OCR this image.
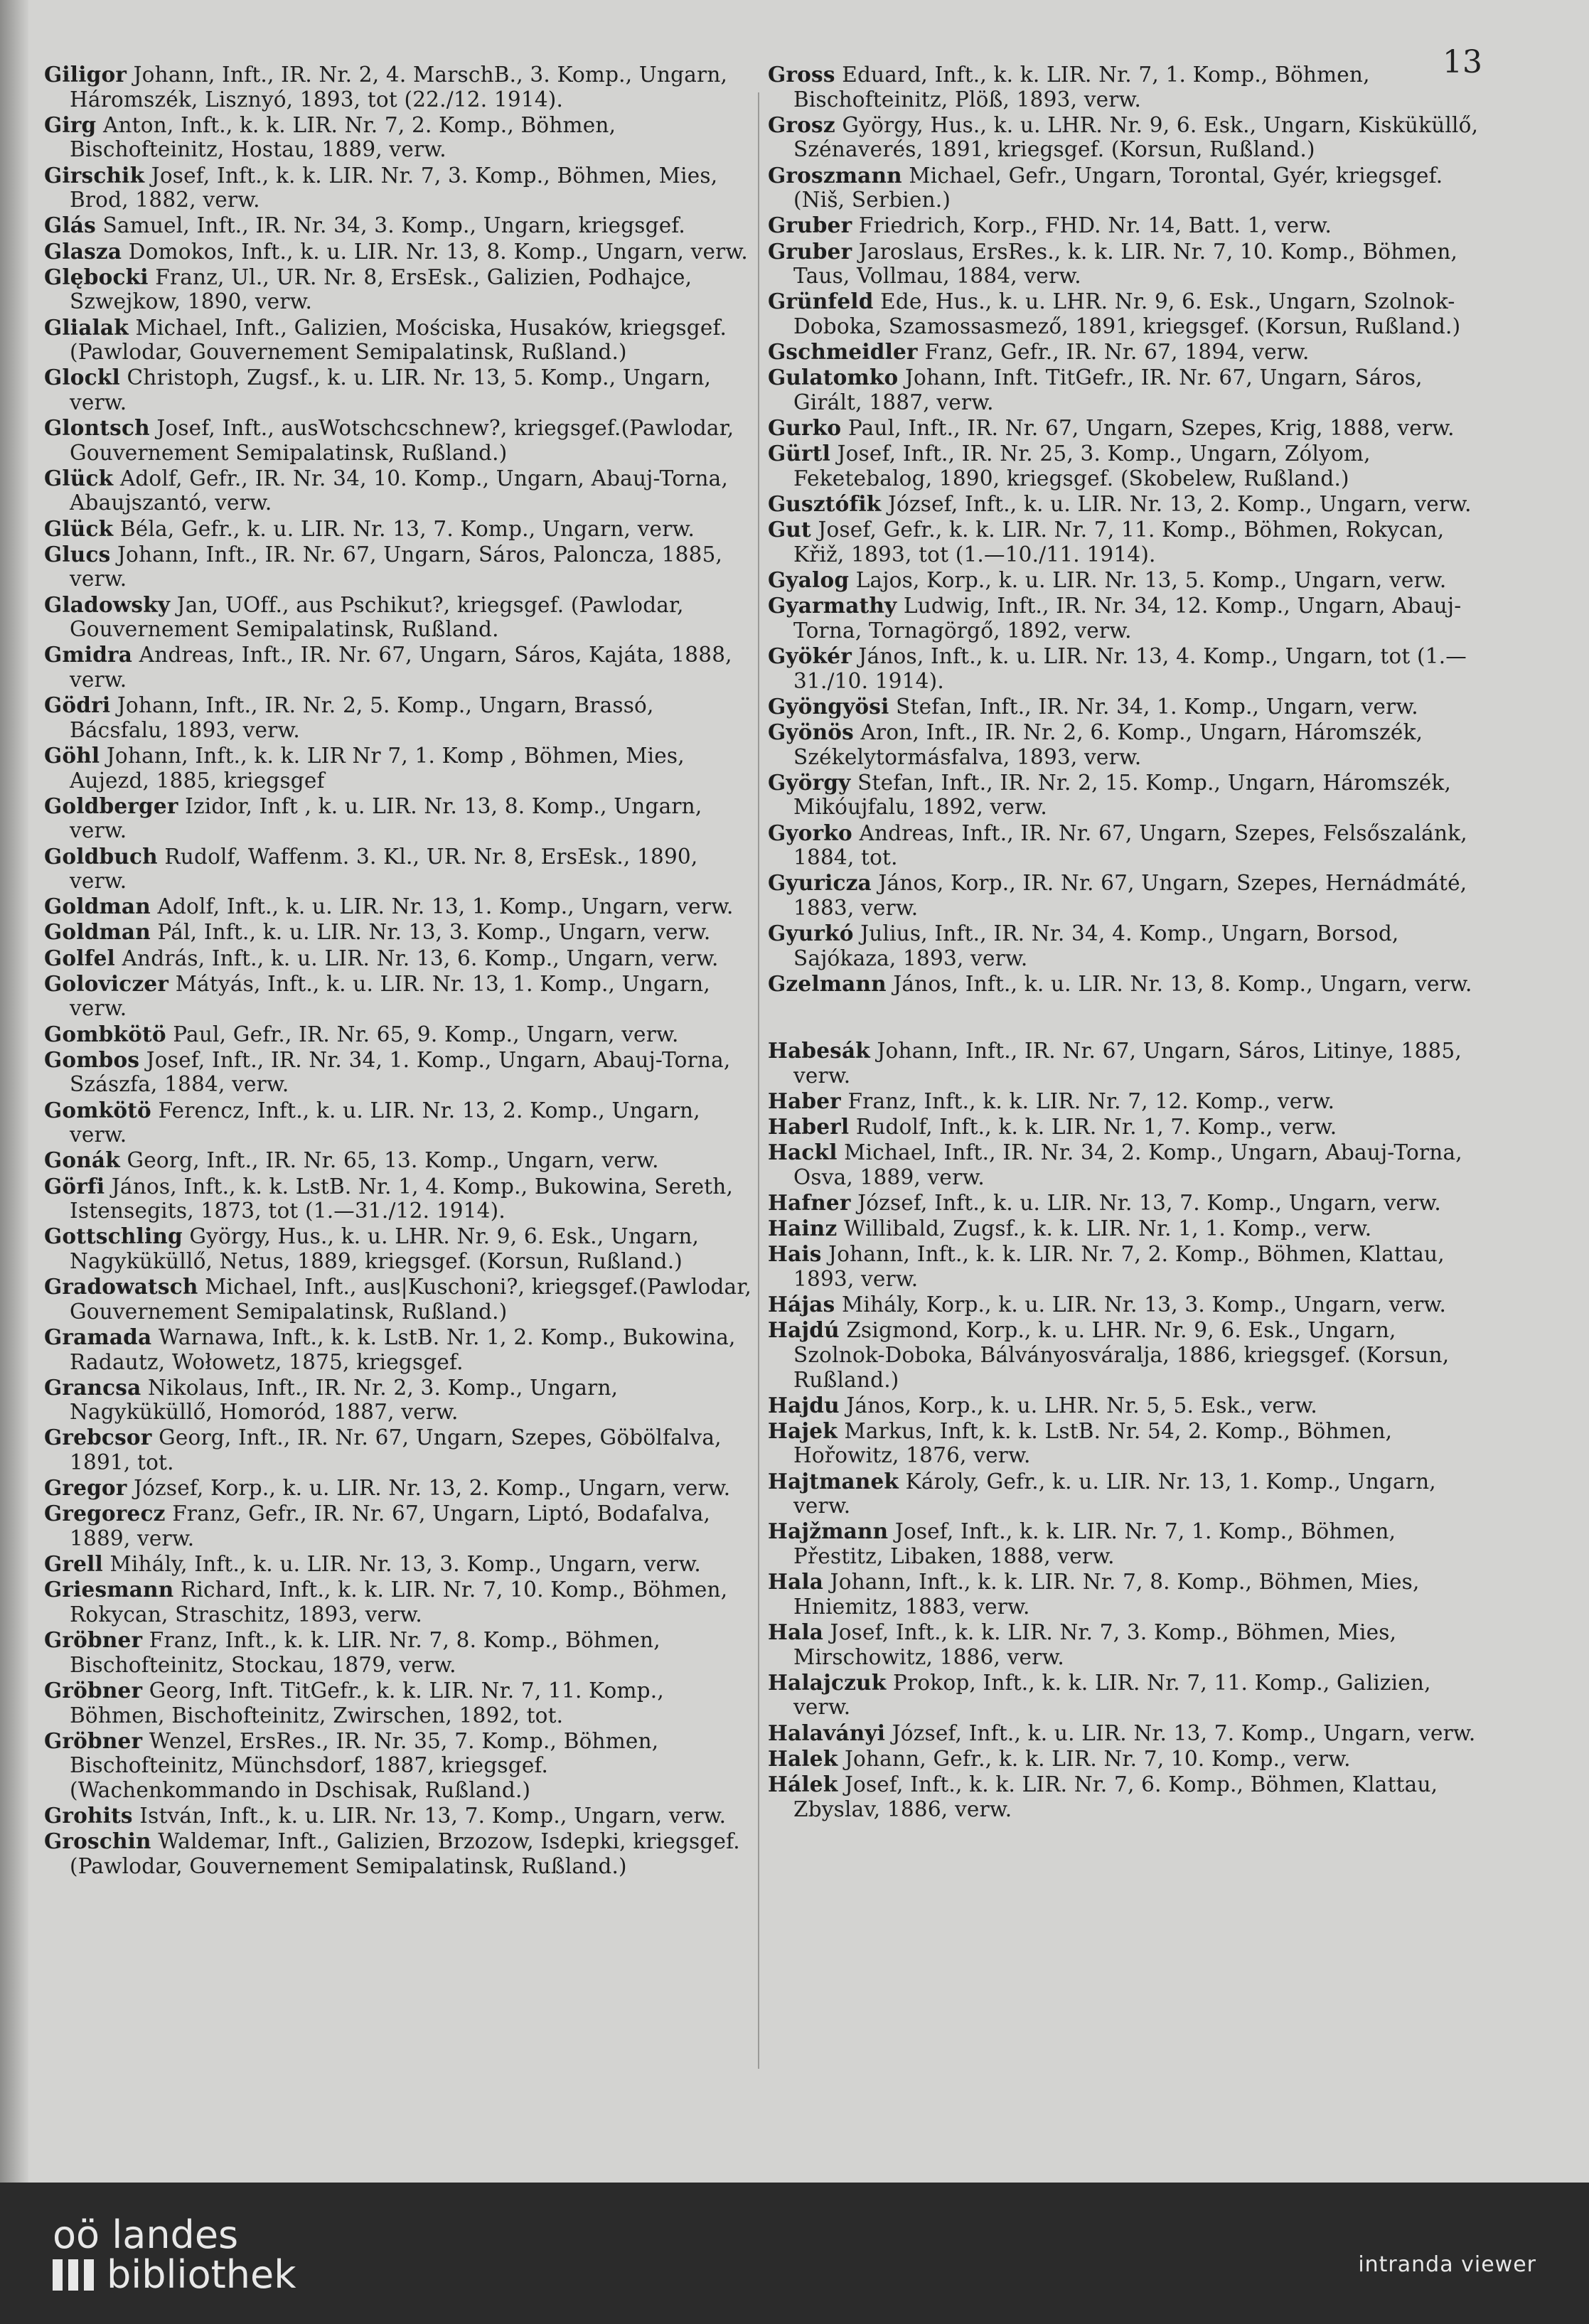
13
Giligor Johann, Inft., IR. Nr. 2, 4. MarschB., 3. Komp., Ungarn, Háromszék, Lisznyó, 1893, tot (22./12. 1914).
Girg Anton, Inft., k. k. LIR. Nr. 7, 2. Komp., Böhmen, Bischofteinitz, Hostau, 1889, verw.
Girschik Josef, Inft., k. k. LIR. Nr. 7, 3. Komp., Böhmen, Mies, Brod, 1882, verw.
Glás Samuel, Inft., IR. Nr. 34, 3. Komp., Ungarn, kriegsgef.
Glasza Domokos, Inft., k. u. LIR. Nr. 13, 8. Komp., Ungarn, verw.
Glębocki Franz, Ul., UR. Nr. 8, ErsEsk., Galizien, Podhajce, Szwejkow, 1890, verw.
Glialak Michael, Inft., Galizien, Mościska, Husaków, kriegsgef. (Pawlodar, Gouvernement Semipalatinsk, Rußland.)
Glockl Christoph, Zugsf., k. u. LIR. Nr. 13, 5. Komp., Ungarn, verw.
Glontsch Josef, Inft., ausWotschcschnew?, kriegsgef.(Pawlodar, Gouvernement Semipalatinsk, Rußland.)
Glück Adolf, Gefr., IR. Nr. 34, 10. Komp., Ungarn, Abauj-Torna, Abaujszantó, verw.
Glück Béla, Gefr., k. u. LIR. Nr. 13, 7. Komp., Ungarn, verw.
Glucs Johann, Inft., IR. Nr. 67, Ungarn, Sáros, Paloncza, 1885, verw.
Gladowsky Jan, UOff., aus Pschikut?, kriegsgef. (Pawlodar, Gouvernement Semipalatinsk, Rußland.
Gmidra Andreas, Inft., IR. Nr. 67, Ungarn, Sáros, Kajáta, 1888, verw.
Gödri Johann, Inft., IR. Nr. 2, 5. Komp., Ungarn, Brassó, Bácsfalu, 1893, verw.
Göhl Johann, Inft., k. k. LIR Nr 7, 1. Komp , Böhmen, Mies, Aujezd, 1885, kriegsgef
Goldberger Izidor, Inft , k. u. LIR. Nr. 13, 8. Komp., Ungarn, verw.
Goldbuch Rudolf, Waffenm. 3. Kl., UR. Nr. 8, ErsEsk., 1890, verw.
Goldman Adolf, Inft., k. u. LIR. Nr. 13, 1. Komp., Ungarn, verw.
Goldman Pál, Inft., k. u. LIR. Nr. 13, 3. Komp., Ungarn, verw.
Golfel András, Inft., k. u. LIR. Nr. 13, 6. Komp., Ungarn, verw.
Goloviczer Mátyás, Inft., k. u. LIR. Nr. 13, 1. Komp., Ungarn, verw.
Gombkötö Paul, Gefr., IR. Nr. 65, 9. Komp., Ungarn, verw.
Gombos Josef, Inft., IR. Nr. 34, 1. Komp., Ungarn, Abauj-Torna, Szászfa, 1884, verw.
Gomkötö Ferencz, Inft., k. u. LIR. Nr. 13, 2. Komp., Ungarn, verw.
Gonák Georg, Inft., IR. Nr. 65, 13. Komp., Ungarn, verw.
Görfi János, Inft., k. k. LstB. Nr. 1, 4. Komp., Bukowina, Sereth, Istensegits, 1873, tot (1.—31./12. 1914).
Gottschling György, Hus., k. u. LHR. Nr. 9, 6. Esk., Ungarn, Nagyküküllő, Netus, 1889, kriegsgef. (Korsun, Rußland.)
Gradowatsch Michael, Inft., aus|Kuschoni?, kriegsgef.(Pawlodar, Gouvernement Semipalatinsk, Rußland.)
Gramada Warnawa, Inft., k. k. LstB. Nr. 1, 2. Komp., Bukowina, Radautz, Wołowetz, 1875, kriegsgef.
Grancsa Nikolaus, Inft., IR. Nr. 2, 3. Komp., Ungarn, Nagyküküllő, Homoród, 1887, verw.
Grebcsor Georg, Inft., IR. Nr. 67, Ungarn, Szepes, Göbölfalva, 1891, tot.
Gregor József, Korp., k. u. LIR. Nr. 13, 2. Komp., Ungarn, verw.
Gregorecz Franz, Gefr., IR. Nr. 67, Ungarn, Liptó, Bodafalva, 1889, verw.
Grell Mihály, Inft., k. u. LIR. Nr. 13, 3. Komp., Ungarn, verw.
Griesmann Richard, Inft., k. k. LIR. Nr. 7, 10. Komp., Böhmen, Rokycan, Straschitz, 1893, verw.
Gröbner Franz, Inft., k. k. LIR. Nr. 7, 8. Komp., Böhmen, Bischofteinitz, Stockau, 1879, verw.
Gröbner Georg, Inft. TitGefr., k. k. LIR. Nr. 7, 11. Komp., Böhmen, Bischofteinitz, Zwirschen, 1892, tot.
Gröbner Wenzel, ErsRes., IR. Nr. 35, 7. Komp., Böhmen, Bischofteinitz, Münchsdorf, 1887, kriegsgef. (Wachenkommando in Dschisak, Rußland.)
Grohits István, Inft., k. u. LIR. Nr. 13, 7. Komp., Ungarn, verw.
Groschin Waldemar, Inft., Galizien, Brzozow, Isdepki, kriegsgef. (Pawlodar, Gouvernement Semipalatinsk, Rußland.)
Gross Eduard, Inft., k. k. LIR. Nr. 7, 1. Komp., Böhmen, Bischofteinitz, Plöß, 1893, verw.
Grosz György, Hus., k. u. LHR. Nr. 9, 6. Esk., Ungarn, Kisküküllő, Szénaverés, 1891, kriegsgef. (Korsun, Rußland.)
Groszmann Michael, Gefr., Ungarn, Torontal, Gyér, kriegsgef. (Niš, Serbien.)
Gruber Friedrich, Korp., FHD. Nr. 14, Batt. 1, verw.
Gruber Jaroslaus, ErsRes., k. k. LIR. Nr. 7, 10. Komp., Böhmen, Taus, Vollmau, 1884, verw.
Grünfeld Ede, Hus., k. u. LHR. Nr. 9, 6. Esk., Ungarn, Szolnok-Doboka, Szamossasmező, 1891, kriegsgef. (Korsun, Rußland.)
Gschmeidler Franz, Gefr., IR. Nr. 67, 1894, verw.
Gulatomko Johann, Inft. TitGefr., IR. Nr. 67, Ungarn, Sáros, Girált, 1887, verw.
Gurko Paul, Inft., IR. Nr. 67, Ungarn, Szepes, Krig, 1888, verw.
Gürtl Josef, Inft., IR. Nr. 25, 3. Komp., Ungarn, Zólyom, Feketebalog, 1890, kriegsgef. (Skobelew, Rußland.)
Gusztófik József, Inft., k. u. LIR. Nr. 13, 2. Komp., Ungarn, verw.
Gut Josef, Gefr., k. k. LIR. Nr. 7, 11. Komp., Böhmen, Rokycan, Křiž, 1893, tot (1.—10./11. 1914).
Gyalog Lajos, Korp., k. u. LIR. Nr. 13, 5. Komp., Ungarn, verw.
Gyarmathy Ludwig, Inft., IR. Nr. 34, 12. Komp., Ungarn, Abauj-Torna, Tornagörgő, 1892, verw.
Gyökér János, Inft., k. u. LIR. Nr. 13, 4. Komp., Ungarn, tot (1.—31./10. 1914).
Gyöngyösi Stefan, Inft., IR. Nr. 34, 1. Komp., Ungarn, verw.
Gyönös Aron, Inft., IR. Nr. 2, 6. Komp., Ungarn, Háromszék, Székelytormásfalva, 1893, verw.
György Stefan, Inft., IR. Nr. 2, 15. Komp., Ungarn, Háromszék, Mikóujfalu, 1892, verw.
Gyorko Andreas, Inft., IR. Nr. 67, Ungarn, Szepes, Felsőszalánk, 1884, tot.
Gyuricza János, Korp., IR. Nr. 67, Ungarn, Szepes, Hernádmáté, 1883, verw.
Gyurkó Julius, Inft., IR. Nr. 34, 4. Komp., Ungarn, Borsod, Sajókaza, 1893, verw.
Gzelmann János, Inft., k. u. LIR. Nr. 13, 8. Komp., Ungarn, verw.
Habesák Johann, Inft., IR. Nr. 67, Ungarn, Sáros, Litinye, 1885, verw.
Haber Franz, Inft., k. k. LIR. Nr. 7, 12. Komp., verw.
Haberl Rudolf, Inft., k. k. LIR. Nr. 1, 7. Komp., verw.
Hackl Michael, Inft., IR. Nr. 34, 2. Komp., Ungarn, Abauj-Torna, Osva, 1889, verw.
Hafner József, Inft., k. u. LIR. Nr. 13, 7. Komp., Ungarn, verw.
Hainz Willibald, Zugsf., k. k. LIR. Nr. 1, 1. Komp., verw.
Hais Johann, Inft., k. k. LIR. Nr. 7, 2. Komp., Böhmen, Klattau, 1893, verw.
Hájas Mihály, Korp., k. u. LIR. Nr. 13, 3. Komp., Ungarn, verw.
Hajdú Zsigmond, Korp., k. u. LHR. Nr. 9, 6. Esk., Ungarn, Szolnok-Doboka, Bálványosváralja, 1886, kriegsgef. (Korsun, Rußland.)
Hajdu János, Korp., k. u. LHR. Nr. 5, 5. Esk., verw.
Hajek Markus, Inft, k. k. LstB. Nr. 54, 2. Komp., Böhmen, Hořowitz, 1876, verw.
Hajtmanek Károly, Gefr., k. u. LIR. Nr. 13, 1. Komp., Ungarn, verw.
Hajžmann Josef, Inft., k. k. LIR. Nr. 7, 1. Komp., Böhmen, Přestitz, Libaken, 1888, verw.
Hala Johann, Inft., k. k. LIR. Nr. 7, 8. Komp., Böhmen, Mies, Hniemitz, 1883, verw.
Hala Josef, Inft., k. k. LIR. Nr. 7, 3. Komp., Böhmen, Mies, Mirschowitz, 1886, verw.
Halajczuk Prokop, Inft., k. k. LIR. Nr. 7, 11. Komp., Galizien, verw.
Halaványi József, Inft., k. u. LIR. Nr. 13, 7. Komp., Ungarn, verw.
Halek Johann, Gefr., k. k. LIR. Nr. 7, 10. Komp., verw.
Hálek Josef, Inft., k. k. LIR. Nr. 7, 6. Komp., Böhmen, Klattau, Zbyslav, 1886, verw.
oö landes
bibliothek	intranda viewer
